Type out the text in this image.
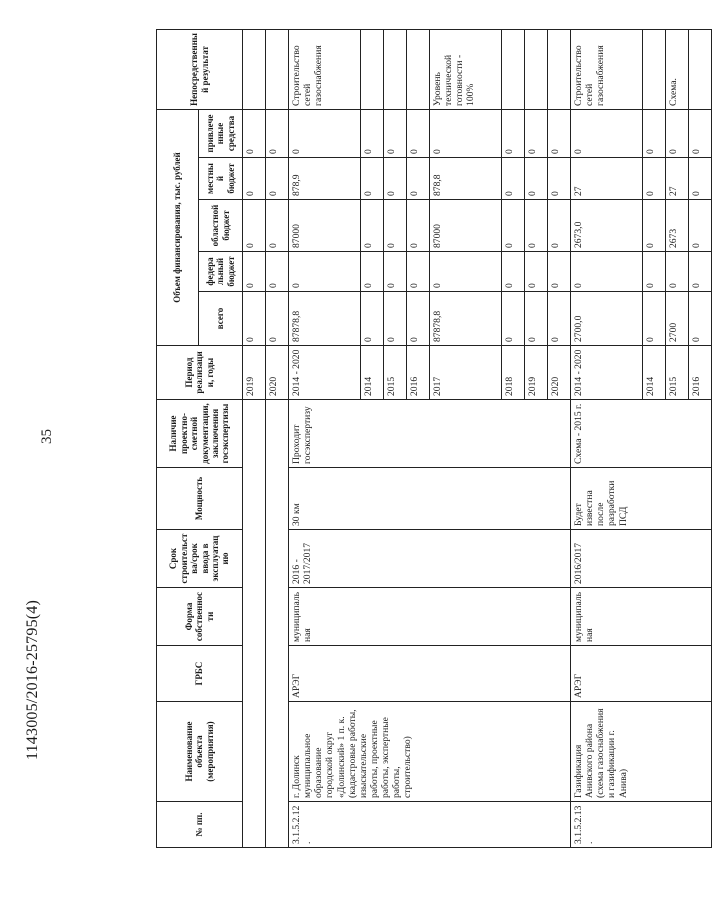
35
1143005/2016-25795(4)
№ пп.	Наименование объекта (мероприятия)	ГРБС	Форма собственности	Срок строительства/срок ввода в эксплуатацию	Мощность	Наличие проектно-сметной документации, заключения госэкспертизы	Период реализации, годы	Объем финансирования, тыс. рублей					Непосредственный результат
								всего	федеральный бюджет	областной бюджет	местный бюджет	привлеченные средства	
							2019	0	0	0	0	0	
							2020	0	0	0	0	0	
3.1.5.2.12.	г. Долинск муниципальное образование городской округ «Долинский» 1 п. к. (кадастровые работы, изыскательские работы, проектные работы, экспертные работы, строительство)	АРЭГ	муниципальная	2016 - 2017/2017	30 км	Проходит госэкспертизу	2014 - 2020	87878,8	0	87000	878,9	0	Строительство сетей газоснабжения
							2014	0	0	0	0	0	
							2015	0	0	0	0	0	
							2016	0	0	0	0	0	
							2017	87878,8	0	87000	878,8	0	Уровень технической готовности - 100%
							2018	0	0	0	0	0	
							2019	0	0	0	0	0	
							2020	0	0	0	0	0	
3.1.5.2.13.	Газификация Анивского района (схема газоснабжения и газификации г. Анива)	АРЭГ	муниципальная	2016/2017	Будет известна после разработки ПСД	Схема - 2015 г.	2014 - 2020	2700,0	0	2673,0	27	0	Строительство сетей газоснабжения
							2014	0	0	0	0	0	
							2015	2700	0	2673	27	0	Схема.
							2016	0	0	0	0	0	
